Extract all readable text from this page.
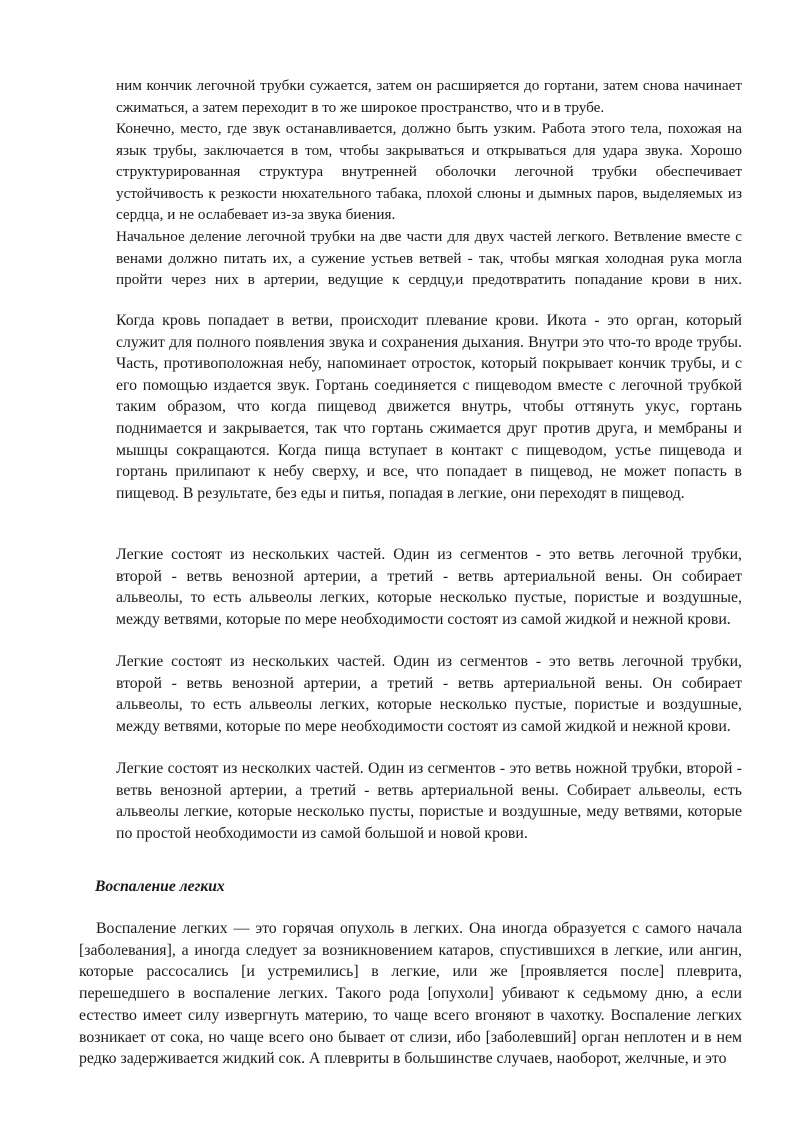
ним кончик легочной трубки сужается, затем он расширяется до гортани, затем снова начинает сжиматься, а затем переходит в то же широкое пространство, что и в трубе.

Конечно, место, где звук останавливается, должно быть узким. Работа этого тела, похожая на язык трубы, заключается в том, чтобы закрываться и открываться для удара звука. Хорошо структурированная структура внутренней оболочки легочной трубки обеспечивает устойчивость к резкости нюхательного табака, плохой слюны и дымных паров, выделяемых из сердца, и не ослабевает из-за звука биения.

Начальное деление легочной трубки на две части для двух частей легкого. Ветвление вместе с венами должно питать их, а сужение устьев ветвей - так, чтобы мягкая холодная рука могла пройти через них в артерии, ведущие к сердцу,и предотвратить попадание крови в них.

Когда кровь попадает в ветви, происходит плевание крови. Икота - это орган, который служит для полного появления звука и сохранения дыхания. Внутри это что-то вроде трубы. Часть, противоположная небу, напоминает отросток, который покрывает кончик трубы, и с его помощью издается звук. Гортань соединяется с пищеводом вместе с легочной трубкой таким образом, что когда пищевод движется внутрь, чтобы оттянуть укус, гортань поднимается и закрывается, так что гортань сжимается друг против друга, и мембраны и мышцы сокращаются. Когда пища вступает в контакт с пищеводом, устье пищевода и гортань прилипают к небу сверху, и все, что попадает в пищевод, не может попасть в пищевод. В результате, без еды и питья, попадая в легкие, они переходят в пищевод.

Легкие состоят из нескольких частей. Один из сегментов - это ветвь легочной трубки, второй - ветвь венозной артерии, а третий - ветвь артериальной вены. Он собирает альвеолы, то есть альвеолы легких, которые несколько пустые, пористые и воздушные, между ветвями, которые по мере необходимости состоят из самой жидкой и нежной крови.

Легкие состоят из нескольких частей. Один из сегментов - это ветвь легочной трубки, второй - ветвь венозной артерии, а третий - ветвь артериальной вены. Он собирает альвеолы, то есть альвеолы легких, которые несколько пустые, пористые и воздушные, между ветвями, которые по мере необходимости состоят из самой жидкой и нежной крови.

Легкие состоят из несколких частей. Один из сегментов - это ветвь ножной трубки, второй - ветвь венозной артерии, а третий - ветвь артериальной вены. Собирает альвеолы, есть альвеолы легкие, которые несколько пусты, пористые и воздушные, меду ветвями, которые по простой необходимости из самой большой и новой крови.

Воспаление легких

Воспаление легких — это горячая опухоль в легких. Она иногда образуется с самого начала [заболевания], а иногда следует за возникновением катаров, спустившихся в легкие, или ангин, которые рассосались [и устремились] в легкие, или же [проявляется после] плеврита, перешедшего в воспаление легких. Такого рода [опухоли] убивают к седьмому дню, а если естество имеет силу извергнуть материю, то чаще всего вгоняют в чахотку. Воспаление легких возникает от сока, но чаще всего оно бывает от слизи, ибо [заболевший] орган неплотен и в нем редко задерживается жидкий сок. А плевриты в большинстве случаев, наоборот, желчные, и это
